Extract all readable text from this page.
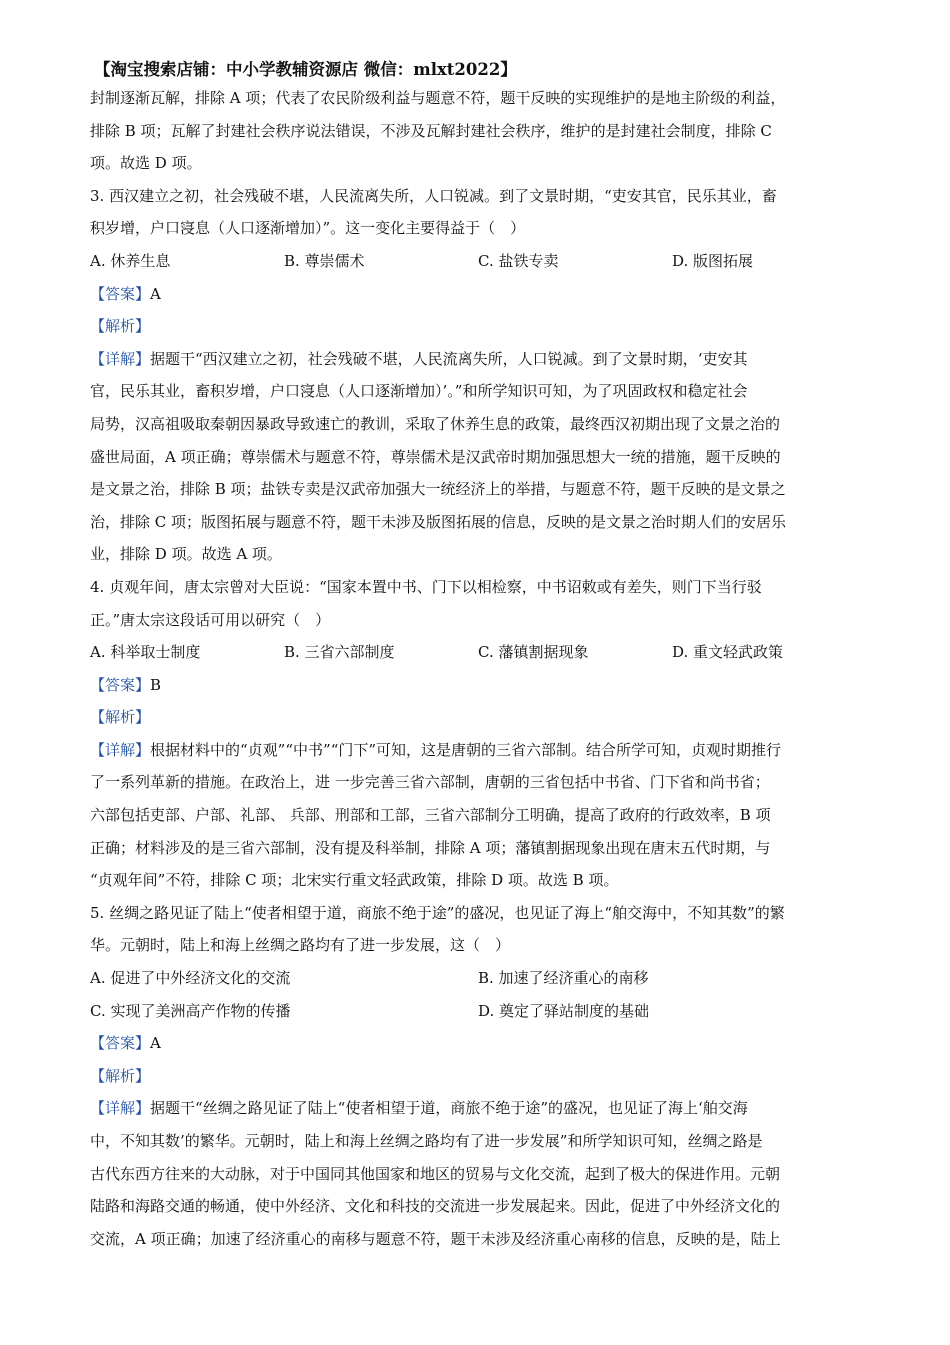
【淘宝搜索店铺：中小学教辅资源店 微信：mlxt2022】

封制逐渐瓦解，排除 A 项；代表了农民阶级利益与题意不符，题干反映的实现维护的是地主阶级的利益，

排除 B 项；瓦解了封建社会秩序说法错误，不涉及瓦解封建社会秩序，维护的是封建社会制度，排除 C

项。故选 D 项。

3. 西汉建立之初，社会残破不堪，人民流离失所，人口锐减。到了文景时期，“吏安其官，民乐其业，畜

积岁增，户口寖息（人口逐渐增加）”。这一变化主要得益于（　）

A. 休养生息	B. 尊崇儒术	C. 盐铁专卖	D. 版图拓展

【答案】A

【解析】

【详解】据题干“西汉建立之初，社会残破不堪，人民流离失所，人口锐减。到了文景时期，‘吏安其

官，民乐其业，畜积岁增，户口寖息（人口逐渐增加）’。”和所学知识可知，为了巩固政权和稳定社会

局势，汉高祖吸取秦朝因暴政导致速亡的教训，采取了休养生息的政策，最终西汉初期出现了文景之治的

盛世局面，A 项正确；尊崇儒术与题意不符，尊崇儒术是汉武帝时期加强思想大一统的措施，题干反映的

是文景之治，排除 B 项；盐铁专卖是汉武帝加强大一统经济上的举措，与题意不符，题干反映的是文景之

治，排除 C 项；版图拓展与题意不符，题干未涉及版图拓展的信息，反映的是文景之治时期人们的安居乐

业，排除 D 项。故选 A 项。

4. 贞观年间，唐太宗曾对大臣说：“国家本置中书、门下以相检察，中书诏敕或有差失，则门下当行驳

正。”唐太宗这段话可用以研究（　）

A. 科举取士制度	B. 三省六部制度	C. 藩镇割据现象	D. 重文轻武政策

【答案】B

【解析】

【详解】根据材料中的“贞观”“中书”“门下”可知，这是唐朝的三省六部制。结合所学可知，贞观时期推行

了一系列革新的措施。在政治上，进 一步完善三省六部制，唐朝的三省包括中书省、门下省和尚书省；

六部包括吏部、户部、礼部、 兵部、刑部和工部，三省六部制分工明确，提高了政府的行政效率，B 项

正确；材料涉及的是三省六部制，没有提及科举制，排除 A 项；藩镇割据现象出现在唐末五代时期，与

“贞观年间”不符，排除 C 项；北宋实行重文轻武政策，排除 D 项。故选 B 项。

5. 丝绸之路见证了陆上“使者相望于道，商旅不绝于途”的盛况，也见证了海上“舶交海中，不知其数”的繁

华。元朝时，陆上和海上丝绸之路均有了进一步发展，这（　）

A. 促进了中外经济文化的交流	B. 加速了经济重心的南移
C. 实现了美洲高产作物的传播	D. 奠定了驿站制度的基础

【答案】A

【解析】

【详解】据题干“丝绸之路见证了陆上“使者相望于道，商旅不绝于途”的盛况，也见证了海上‘舶交海

中，不知其数’的繁华。元朝时，陆上和海上丝绸之路均有了进一步发展”和所学知识可知，丝绸之路是

古代东西方往来的大动脉，对于中国同其他国家和地区的贸易与文化交流，起到了极大的保进作用。元朝

陆路和海路交通的畅通，使中外经济、文化和科技的交流进一步发展起来。因此，促进了中外经济文化的

交流，A 项正确；加速了经济重心的南移与题意不符，题干未涉及经济重心南移的信息，反映的是，陆上
